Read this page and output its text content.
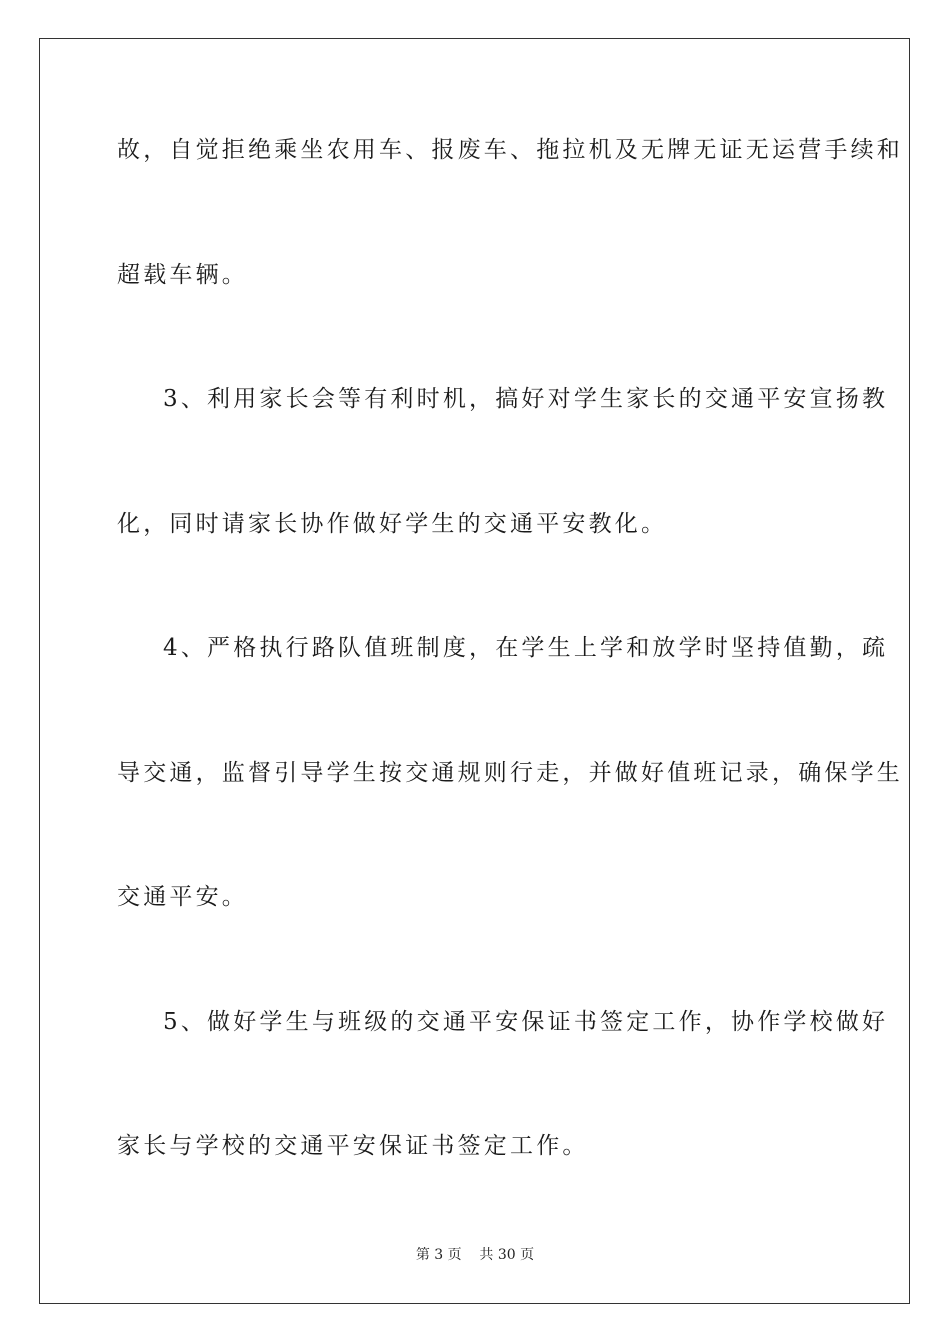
故，自觉拒绝乘坐农用车、报废车、拖拉机及无牌无证无运营手续和
超载车辆。
3、利用家长会等有利时机，搞好对学生家长的交通平安宣扬教
化，同时请家长协作做好学生的交通平安教化。
4、严格执行路队值班制度，在学生上学和放学时坚持值勤，疏
导交通，监督引导学生按交通规则行走，并做好值班记录，确保学生
交通平安。
5、做好学生与班级的交通平安保证书签定工作，协作学校做好
家长与学校的交通平安保证书签定工作。
第 3 页    共 30 页
